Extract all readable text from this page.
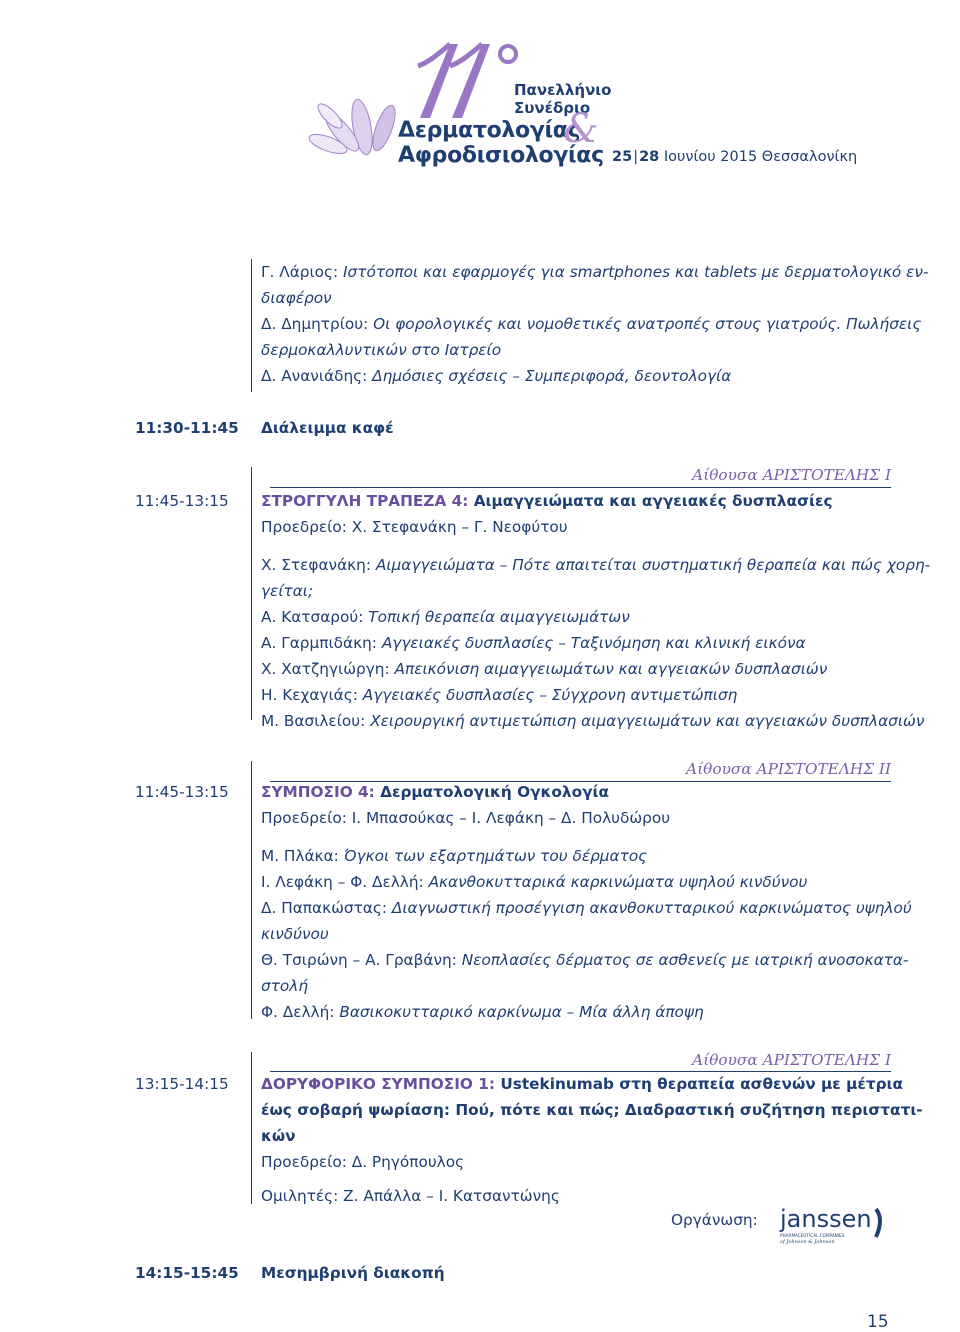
Πανελλήνιο
Συνέδριο
Δερματολογίας
Αφροδισιολογίας
&
25|28 Ιουνίου 2015 Θεσσαλονίκη
Γ. Λάριος: Ιστότοποι και εφαρμογές για smartphones και tablets με δερματολογικό εν-
διαφέρον
Δ. Δημητρίου: Οι φορολογικές και νομοθετικές ανατροπές στους γιατρούς. Πωλήσεις
δερμοκαλλυντικών στο Ιατρείο
Δ. Ανανιάδης: Δημόσιες σχέσεις – Συμπεριφορά, δεοντολογία
11:30-11:45 Διάλειμμα καφέ
Αίθουσα ΑΡΙΣΤΟΤΕΛΗΣ Ι
11:45-13:15 ΣΤΡΟΓΓΥΛΗ ΤΡΑΠΕΖΑ 4: Αιμαγγειώματα και αγγειακές δυσπλασίες
Προεδρείο: Χ. Στεφανάκη – Γ. Νεοφύτου
Χ. Στεφανάκη: Αιμαγγειώματα – Πότε απαιτείται συστηματική θεραπεία και πώς χορη-
γείται;
Α. Κατσαρού: Τοπική θεραπεία αιμαγγειωμάτων
Α. Γαρμπιδάκη: Αγγειακές δυσπλασίες – Ταξινόμηση και κλινική εικόνα
Χ. Χατζηγιώργη: Απεικόνιση αιμαγγειωμάτων και αγγειακών δυσπλασιών
Η. Κεχαγιάς: Αγγειακές δυσπλασίες – Σύγχρονη αντιμετώπιση
Μ. Βασιλείου: Χειρουργική αντιμετώπιση αιμαγγειωμάτων και αγγειακών δυσπλασιών
Αίθουσα ΑΡΙΣΤΟΤΕΛΗΣ ΙΙ
11:45-13:15 ΣΥΜΠΟΣΙΟ 4: Δερματολογική Ογκολογία
Προεδρείο: Ι. Μπασούκας – Ι. Λεφάκη – Δ. Πολυδώρου
Μ. Πλάκα: Όγκοι των εξαρτημάτων του δέρματος
Ι. Λεφάκη – Φ. Δελλή: Ακανθοκυτταρικά καρκινώματα υψηλού κινδύνου
Δ. Παπακώστας: Διαγνωστική προσέγγιση ακανθοκυτταρικού καρκινώματος υψηλού
κινδύνου
Θ. Τσιρώνη – Α. Γραβάνη: Νεοπλασίες δέρματος σε ασθενείς με ιατρική ανοσοκατα-
στολή
Φ. Δελλή: Βασικοκυτταρικό καρκίνωμα – Μία άλλη άποψη
Αίθουσα ΑΡΙΣΤΟΤΕΛΗΣ Ι
13:15-14:15 ΔΟΡΥΦΟΡΙΚΟ ΣΥΜΠΟΣΙΟ 1: Ustekinumab στη θεραπεία ασθενών με μέτρια
έως σοβαρή ψωρίαση: Πού, πότε και πώς; Διαδραστική συζήτηση περιστατι-
κών
Προεδρείο: Δ. Ρηγόπουλος
Ομιλητές: Ζ. Απάλλα – Ι. Κατσαντώνης
Οργάνωση: janssen
PHARMACEUTICAL COMPANIES
of Johnson & Johnson
14:15-15:45 Μεσημβρινή διακοπή
15
